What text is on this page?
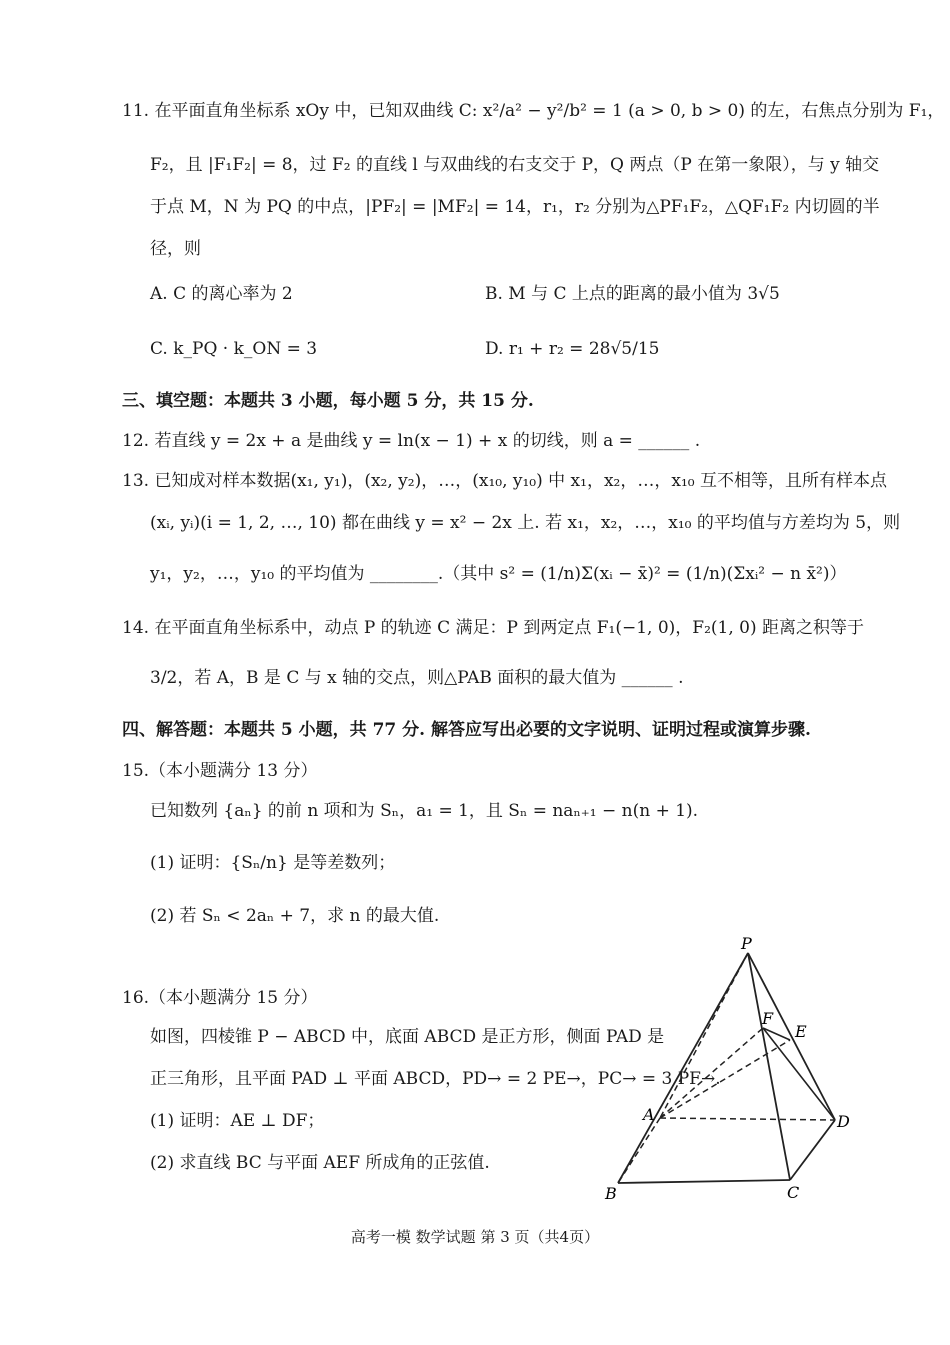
11. 在平面直角坐标系 xOy 中，已知双曲线 C: x²/a² − y²/b² = 1 (a > 0, b > 0) 的左，右焦点分别为 F₁，
F₂，且 |F₁F₂| = 8，过 F₂ 的直线 l 与双曲线的右支交于 P，Q 两点（P 在第一象限），与 y 轴交
于点 M，N 为 PQ 的中点，|PF₂| = |MF₂| = 14，r₁，r₂ 分别为△PF₁F₂，△QF₁F₂ 内切圆的半
径，则
A. C 的离心率为 2	B. M 与 C 上点的距离的最小值为 3√5
C. k_PQ · k_ON = 3	D. r₁ + r₂ = 28√5/15
三、填空题：本题共 3 小题，每小题 5 分，共 15 分.
12. 若直线 y = 2x + a 是曲线 y = ln(x − 1) + x 的切线，则 a = ______ .
13. 已知成对样本数据(x₁, y₁)，(x₂, y₂)，…，(x₁₀, y₁₀) 中 x₁，x₂，…，x₁₀ 互不相等，且所有样本点
(xᵢ, yᵢ)(i = 1, 2, …, 10) 都在曲线 y = x² − 2x 上. 若 x₁，x₂，…，x₁₀ 的平均值与方差均为 5，则
y₁，y₂，…，y₁₀ 的平均值为 ________.（其中 s² = (1/n)Σ(xᵢ − x̄)² = (1/n)(Σxᵢ² − n x̄²)）
14. 在平面直角坐标系中，动点 P 的轨迹 C 满足：P 到两定点 F₁(−1, 0)，F₂(1, 0) 距离之积等于
3/2，若 A，B 是 C 与 x 轴的交点，则△PAB 面积的最大值为 ______ .
四、解答题：本题共 5 小题，共 77 分. 解答应写出必要的文字说明、证明过程或演算步骤.
15.（本小题满分 13 分）
已知数列 {aₙ} 的前 n 项和为 Sₙ，a₁ = 1，且 Sₙ = naₙ₊₁ − n(n + 1).
(1) 证明：{Sₙ/n} 是等差数列；
(2) 若 Sₙ < 2aₙ + 7，求 n 的最大值.
16.（本小题满分 15 分）
如图，四棱锥 P − ABCD 中，底面 ABCD 是正方形，侧面 PAD 是
正三角形，且平面 PAD ⊥ 平面 ABCD，PD→ = 2 PE→，PC→ = 3 PF→.
(1) 证明：AE ⊥ DF；
(2) 求直线 BC 与平面 AEF 所成角的正弦值.
P
A
B	C
D
E
F
高考一模 数学试题 第 3 页（共4页）
